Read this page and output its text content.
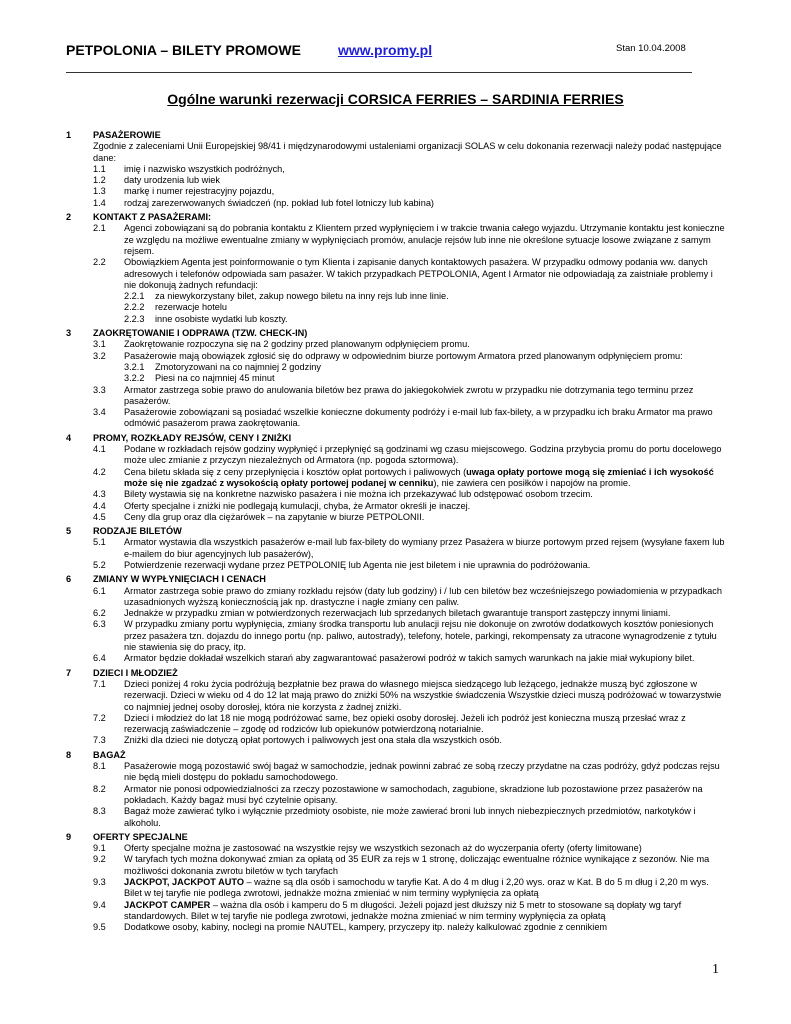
PETPOLONIA – BILETY PROMOWE	www.promy.pl	Stan 10.04.2008
Ogólne warunki rezerwacji CORSICA FERRIES – SARDINIA FERRIES
1 PASAŻEROWIE
Zgodnie z zaleceniami Unii Europejskiej 98/41 i międzynarodowymi ustaleniami organizacji SOLAS w celu dokonania rezerwacji należy podać następujące dane:
1.1 imię i nazwisko wszystkich podróżnych,
1.2 daty urodzenia lub wiek
1.3 markę i numer rejestracyjny pojazdu,
1.4 rodzaj zarezerwowanych świadczeń (np. pokład lub fotel lotniczy lub kabina)
2 KONTAKT Z PASAŻERAMI:
2.1 Agenci zobowiązani są do pobrania kontaktu z Klientem przed wypłynięciem i w trakcie trwania całego wyjazdu. Utrzymanie kontaktu jest konieczne ze względu na możliwe ewentualne zmiany w wypłynięciach promów, anulacje rejsów lub inne nie określone sytuacje losowe związane z samym rejsem.
2.2 Obowiązkiem Agenta jest poinformowanie o tym Klienta i zapisanie danych kontaktowych pasażera. W przypadku odmowy podania ww. danych adresowych i telefonów odpowiada sam pasażer. W takich przypadkach PETPOLONIA, Agent I Armator nie odpowiadają za zaistniałe problemy i nie dokonują żadnych refundacji:
2.2.1 za niewykorzystany bilet, zakup nowego biletu na inny rejs lub inne linie.
2.2.2 rezerwacje hotelu
2.2.3 inne osobiste wydatki lub koszty.
3 ZAOKRĘTOWANIE I ODPRAWA (TZW. CHECK-IN)
3.1 Zaokrętowanie rozpoczyna się na 2 godziny przed planowanym odpłynięciem promu.
3.2 Pasażerowie mają obowiązek zgłosić się do odprawy w odpowiednim biurze portowym Armatora przed planowanym odpłynięciem promu:
3.2.1 Zmotoryzowani na co najmniej 2 godziny
3.2.2 Piesi na co najmniej 45 minut
3.3 Armator zastrzega sobie prawo do anulowania biletów bez prawa do jakiegokolwiek zwrotu w przypadku nie dotrzymania tego terminu przez pasażerów.
3.4 Pasażerowie zobowiązani są posiadać wszelkie konieczne dokumenty podróży i e-mail lub fax-bilety, a w przypadku ich braku Armator ma prawo odmówić pasażerom prawa zaokrętowania.
4 PROMY, ROZKŁADY REJSÓW, CENY I ZNIŻKI
4.1 Podane w rozkładach rejsów godziny wypłynięć i przepłynięć są godzinami wg czasu miejscowego. Godzina przybycia promu do portu docelowego może ulec zmianie z przyczyn niezależnych od Armatora (np. pogoda sztormowa).
4.2 Cena biletu składa się z ceny przepłynięcia i kosztów opłat portowych i paliwowych (uwaga opłaty portowe mogą się zmieniać i ich wysokość może się nie zgadzać z wysokością opłaty portowej podanej w cenniku), nie zawiera cen posiłków i napojów na promie.
4.3 Bilety wystawia się na konkretne nazwisko pasażera i nie można ich przekazywać lub odstępować osobom trzecim.
4.4 Oferty specjalne i zniżki nie podlegają kumulacji, chyba, że Armator określi je inaczej.
4.5 Ceny dla grup oraz dla ciężarówek – na zapytanie w biurze PETPOLONII.
5 RODZAJE BILETÓW
5.1 Armator wystawia dla wszystkich pasażerów e-mail lub fax-bilety do wymiany przez Pasażera w biurze portowym przed rejsem (wysyłane faxem lub e-mailem do biur agencyjnych lub pasażerów),
5.2 Potwierdzenie rezerwacji wydane przez PETPOLONIĘ lub Agenta nie jest biletem i nie uprawnia do podróżowania.
6 ZMIANY W WYPŁYNIĘCIACH I CENACH
6.1 Armator zastrzega sobie prawo do zmiany rozkładu rejsów (daty lub godziny) i / lub cen biletów bez wcześniejszego powiadomienia w przypadkach uzasadnionych wyższą koniecznością jak np. drastyczne i nagłe zmiany cen paliw.
6.2 Jednakże w przypadku zmian w potwierdzonych rezerwacjach lub sprzedanych biletach gwarantuje transport zastępczy innymi liniami.
6.3 W przypadku zmiany portu wypłynięcia, zmiany środka transportu lub anulacji rejsu nie dokonuje on zwrotów dodatkowych kosztów poniesionych przez pasażera tzn. dojazdu do innego portu (np. paliwo, autostrady), telefony, hotele, parkingi, rekompensaty za utracone wynagrodzenie z tytułu nie stawienia się do pracy, itp.
6.4 Armator będzie dokładał wszelkich starań aby zagwarantować pasażerowi podróż w takich samych warunkach na jakie miał wykupiony bilet.
7 DZIECI I MŁODZIEŻ
7.1 Dzieci poniżej 4 roku życia podróżują bezpłatnie bez prawa do własnego miejsca siedzącego lub leżącego, jednakże muszą być zgłoszone w rezerwacji. Dzieci w wieku od 4 do 12 lat mają prawo do zniżki 50% na wszystkie świadczenia Wszystkie dzieci muszą podróżować w towarzystwie co najmniej jednej osoby dorosłej, która nie korzysta z żadnej zniżki.
7.2 Dzieci i młodzież do lat 18 nie mogą podróżować same, bez opieki osoby dorosłej. Jeżeli ich podróż jest konieczna muszą przesłać wraz z rezerwacją zaświadczenie – zgodę od rodziców lub opiekunów potwierdzoną notarialnie.
7.3 Zniżki dla dzieci nie dotyczą opłat portowych i paliwowych jest ona stała dla wszystkich osób.
8 BAGAŻ
8.1 Pasażerowie mogą pozostawić swój bagaż w samochodzie, jednak powinni zabrać ze sobą rzeczy przydatne na czas podróży, gdyż podczas rejsu nie będą mieli dostępu do pokładu samochodowego.
8.2 Armator nie ponosi odpowiedzialności za rzeczy pozostawione w samochodach, zagubione, skradzione lub pozostawione przez pasażerów na pokładach. Każdy bagaż musi być czytelnie opisany.
8.3 Bagaż może zawierać tylko i wyłącznie przedmioty osobiste, nie może zawierać broni lub innych niebezpiecznych przedmiotów, narkotyków i alkoholu.
9 OFERTY SPECJALNE
9.1 Oferty specjalne można je zastosować na wszystkie rejsy we wszystkich sezonach aż do wyczerpania oferty (oferty limitowane)
9.2 W taryfach tych można dokonywać zmian za opłatą od 35 EUR za rejs w 1 stronę, doliczając ewentualne różnice wynikające z sezonów. Nie ma możliwości dokonania zwrotu biletów w tych taryfach
9.3 JACKPOT, JACKPOT AUTO – ważne są dla osób i samochodu w taryfie Kat. A do 4 m dług i 2,20 wys. oraz w Kat. B do 5 m dług i 2,20 m wys. Bilet w tej taryfie nie podlega zwrotowi, jednakże można zmieniać w nim terminy wypłynięcia za opłatą
9.4 JACKPOT CAMPER – ważna dla osób i kamperu do 5 m długości. Jeżeli pojazd jest dłuższy niż 5 metr to stosowane są dopłaty wg taryf standardowych. Bilet w tej taryfie nie podlega zwrotowi, jednakże można zmieniać w nim terminy wypłynięcia za opłatą
9.5 Dodatkowe osoby, kabiny, noclegi na promie NAUTEL, kampery, przyczepy itp. należy kalkulować zgodnie z cennikiem
1
